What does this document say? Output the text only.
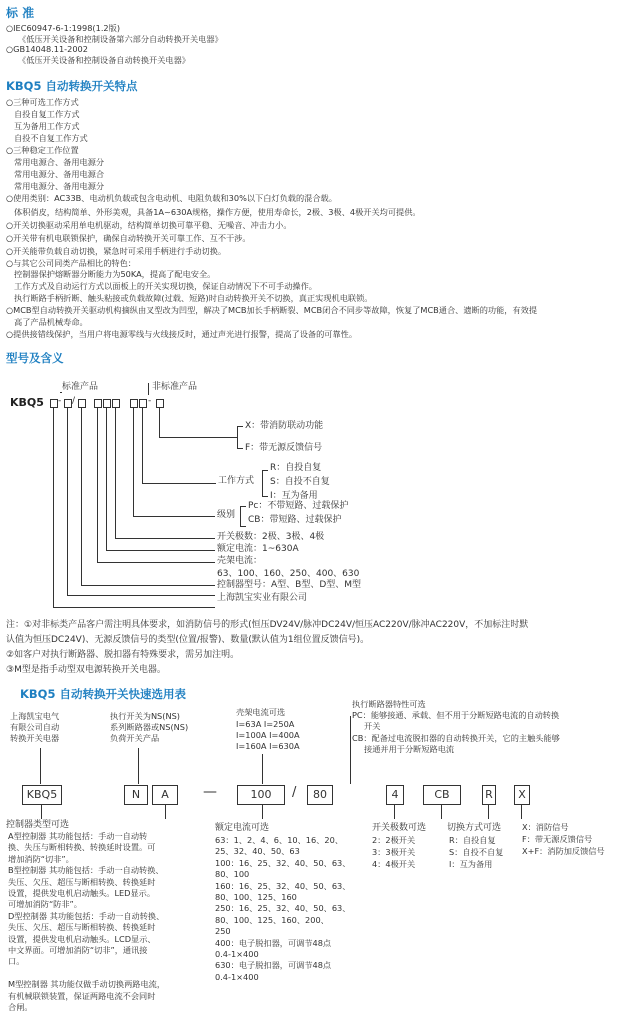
标 准
○IEC60947-6-1:1998(1.2版)
《低压开关设备和控制设备第六部分自动转换开关电器》
○GB14048.11-2002
《低压开关设备和控制设备自动转换开关电器》
KBQ5 自动转换开关特点
○三种可选工作方式
自投自复工作方式
互为备用工作方式
自投不自复工作方式
○三种稳定工作位置
常用电源合、备用电源分
常用电源分、备用电源合
常用电源分、备用电源分
○使用类别：AC33B、电动机负载或包含电动机、电阻负载和30%以下白灯负载的混合载。
体积俏皮，结构简单、外形美观，具备1A~630A规格，操作方便，使用寿命长，2极、3极、4极开关均可提供。
○开关切换驱动采用单电机驱动，结构简单切换可靠平稳、无噪音、冲击力小。
○开关带有机电联锁保护，确保自动转换开关可靠工作、互不干涉。
○开关能带负载自动切换，紧急时可采用手柄进行手动切换。
○与其它公司同类产品相比的特色：
控制器保护熔断器分断能力为50KA，提高了配电安全。
工作方式及自动运行方式以面板上的开关实现切换，保证自动情况下不可手动操作。
执行断路手柄折断、触头粘接或负载故障(过载、短路)时自动转换开关不切换，真正实现机电联锁。
○MCB型自动转换开关驱动机构摘纵由叉型改为凹型，解决了MCB加长手柄断裂、MCB闭合不同步等故障，恢复了MCB通合、遗断的功能，有效提
高了产品机械寿命。
○提供接错线保护，当用户将电源零线与火线接反时，通过声光进行报警，提高了设备的可靠性。
型号及含义
标准产品	非标准产品
KBQ5 - /	-
X：带消防联动功能
F：带无源反馈信号
工作方式
R：自投自复
S：自投不自复
I：互为备用
级别
Pc：不带短路、过载保护
CB：带短路、过载保护
开关极数：2极、3极、4极
额定电流：1~630A
壳架电流：
63、100、160、250、400、630
控制器型号：A型、B型、D型、M型
上海凯宝实业有限公司
注：①对非标类产品客户需注明具体要求，如消防信号的形式(恒压DV24V/脉冲DC24V/恒压AC220V/脉冲AC220V，不加标注时默
认值为恒压DC24V)、无源反馈信号的类型(位置/报警)、数量(默认值为1组位置反馈信号)。
②如客户对执行断路器、脱扣器有特殊要求，需另加注明。
③M型是指手动型双电源转换开关电器。
KBQ5 自动转换开关快速选用表
上海凯宝电气
有限公司自动
转换开关电器
执行开关为NS(NS)
系列断路器或NS(NS)
负荷开关产品
壳架电流可选
I=63A I=250A
I=100A I=400A
I=160A I=630A
执行断路器特性可选
PC：能够接通、承载、但不用于分断短路电流的自动转换
开关
CB：配备过电流脱扣器的自动转换开关，它的主触头能够
接通并用于分断短路电流
KBQ5	N	A	100	80	4	CB	R	X
—	/
控制器类型可选
A型控制器 其功能包括：手动一自动转
换、失压与断相转换、转换延时设置。可
增加消防“切非”。
B型控制器 其功能包括：手动一自动转换、
失压、欠压、超压与断相转换、转换延时
设置，提供发电机启动触头。LED显示。
可增加消防“防非”。
D型控制器 其功能包括：手动一自动转换、
失压、欠压、超压与断相转换、转换延时
设置，提供发电机启动触头。LCD显示、
中文界面。可增加消防“切非”，通讯接
口。
M型控制器 其功能仅做手动切换两路电流，
有机械联锁装置，保证两路电流不会同时
合闸。
额定电流可选
63：1、2、4、6、10、16、20、
25、32、40、50、63
100：16、25、32、40、50、63、
80、100
160：16、25、32、40、50、63、
80、100、125、160
250：16、25、32、40、50、63、
80、100、125、160、200、
250
400：电子脱扣器，可调节48点
0.4-1×400
630：电子脱扣器，可调节48点
0.4-1×400
开关极数可选
2：2极开关
3：3极开关
4：4极开关
切换方式可选
R：自投自复
S：自投不自复
I：互为备用
X：消防信号
F：带无源反馈信号
X+F：消防加反馈信号
